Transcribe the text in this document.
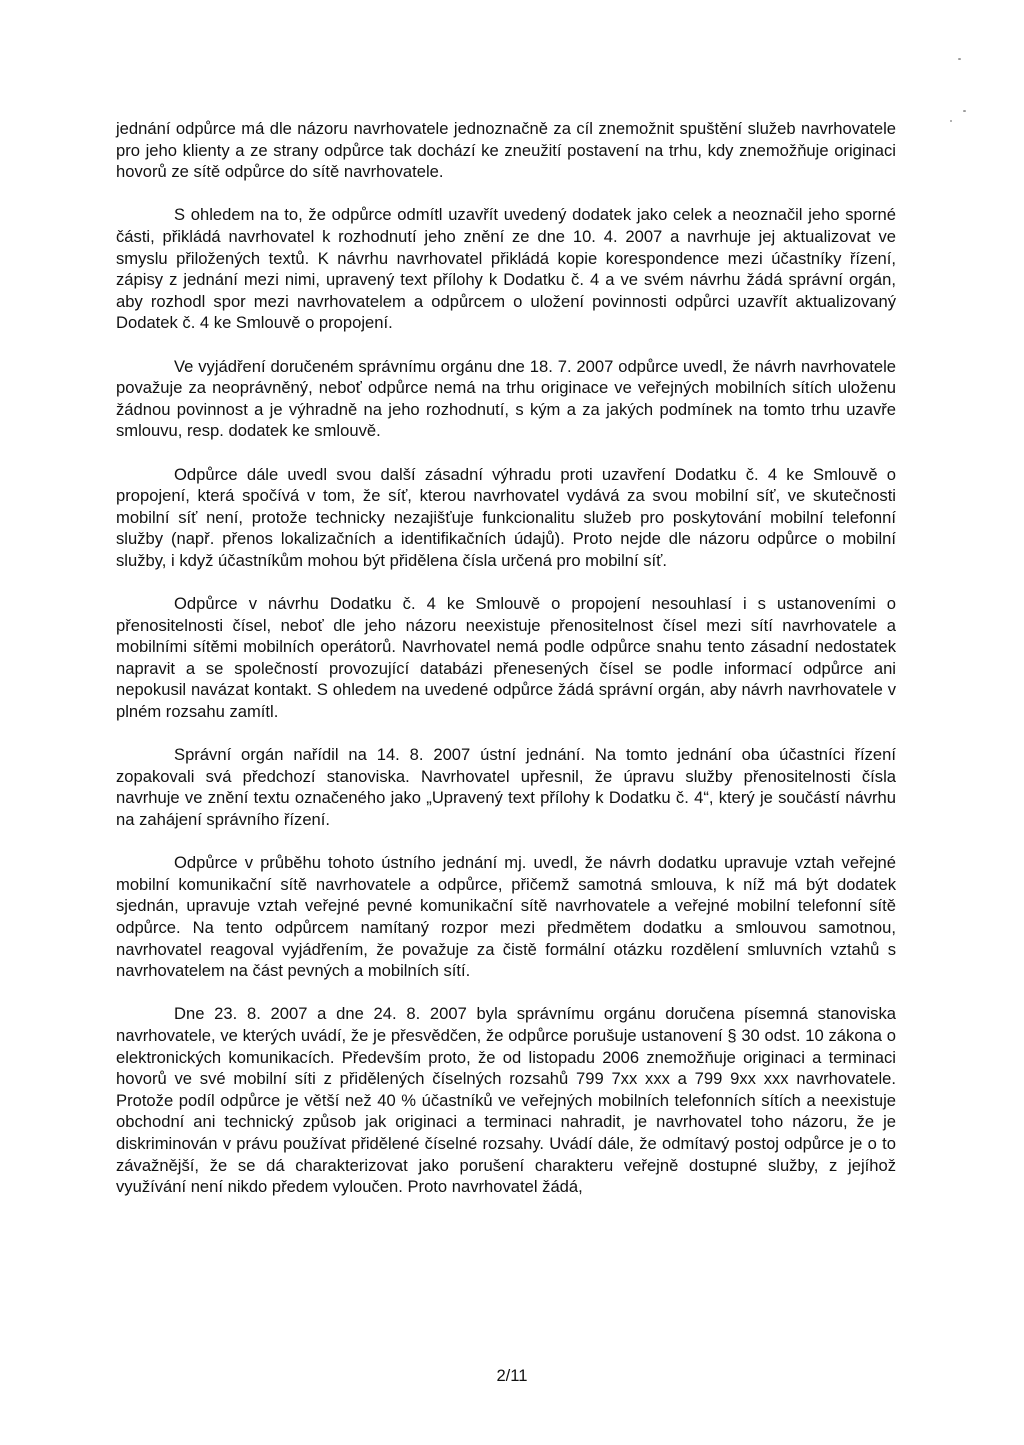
jednání odpůrce má dle názoru navrhovatele jednoznačně za cíl znemožnit spuštění služeb navrhovatele pro jeho klienty a ze strany odpůrce tak dochází ke zneužití postavení na trhu, kdy znemožňuje originaci hovorů ze sítě odpůrce do sítě navrhovatele.

S ohledem na to, že odpůrce odmítl uzavřít uvedený dodatek jako celek a neoznačil jeho sporné části, přikládá navrhovatel k rozhodnutí jeho znění ze dne 10. 4. 2007 a navrhuje jej aktualizovat ve smyslu přiložených textů. K návrhu navrhovatel přikládá kopie korespondence mezi účastníky řízení, zápisy z jednání mezi nimi, upravený text přílohy k Dodatku č. 4 a ve svém návrhu žádá správní orgán, aby rozhodl spor mezi navrhovatelem a odpůrcem o uložení povinnosti odpůrci uzavřít aktualizovaný Dodatek č. 4 ke Smlouvě o propojení.

Ve vyjádření doručeném správnímu orgánu dne 18. 7. 2007 odpůrce uvedl, že návrh navrhovatele považuje za neoprávněný, neboť odpůrce nemá na trhu originace ve veřejných mobilních sítích uloženu žádnou povinnost a je výhradně na jeho rozhodnutí, s kým a za jakých podmínek na tomto trhu uzavře smlouvu, resp. dodatek ke smlouvě.

Odpůrce dále uvedl svou další zásadní výhradu proti uzavření Dodatku č. 4 ke Smlouvě o propojení, která spočívá v tom, že síť, kterou navrhovatel vydává za svou mobilní síť, ve skutečnosti mobilní síť není, protože technicky nezajišťuje funkcionalitu služeb pro poskytování mobilní telefonní služby (např. přenos lokalizačních a identifikačních údajů). Proto nejde dle názoru odpůrce o mobilní služby, i když účastníkům mohou být přidělena čísla určená pro mobilní síť.

Odpůrce v návrhu Dodatku č. 4 ke Smlouvě o propojení nesouhlasí i s ustanoveními o přenositelnosti čísel, neboť dle jeho názoru neexistuje přenositelnost čísel mezi sítí navrhovatele a mobilními sítěmi mobilních operátorů. Navrhovatel nemá podle odpůrce snahu tento zásadní nedostatek napravit a se společností provozující databázi přenesených čísel se podle informací odpůrce ani nepokusil navázat kontakt. S ohledem na uvedené odpůrce žádá správní orgán, aby návrh navrhovatele v plném rozsahu zamítl.

Správní orgán nařídil na 14. 8. 2007 ústní jednání. Na tomto jednání oba účastníci řízení zopakovali svá předchozí stanoviska. Navrhovatel upřesnil, že úpravu služby přenositelnosti čísla navrhuje ve znění textu označeného jako „Upravený text přílohy k Dodatku č. 4“, který je součástí návrhu na zahájení správního řízení.

Odpůrce v průběhu tohoto ústního jednání mj. uvedl, že návrh dodatku upravuje vztah veřejné mobilní komunikační sítě navrhovatele a odpůrce, přičemž samotná smlouva, k níž má být dodatek sjednán, upravuje vztah veřejné pevné komunikační sítě navrhovatele a veřejné mobilní telefonní sítě odpůrce. Na tento odpůrcem namítaný rozpor mezi předmětem dodatku a smlouvou samotnou, navrhovatel reagoval vyjádřením, že považuje za čistě formální otázku rozdělení smluvních vztahů s navrhovatelem na část pevných a mobilních sítí.

Dne 23. 8. 2007 a dne 24. 8. 2007 byla správnímu orgánu doručena písemná stanoviska navrhovatele, ve kterých uvádí, že je přesvědčen, že odpůrce porušuje ustanovení § 30 odst. 10 zákona o elektronických komunikacích. Především proto, že od listopadu 2006 znemožňuje originaci a terminaci hovorů ve své mobilní síti z přidělených číselných rozsahů 799 7xx xxx a 799 9xx xxx navrhovatele. Protože podíl odpůrce je větší než 40 % účastníků ve veřejných mobilních telefonních sítích a neexistuje obchodní ani technický způsob jak originaci a terminaci nahradit, je navrhovatel toho názoru, že je diskriminován v právu používat přidělené číselné rozsahy. Uvádí dále, že odmítavý postoj odpůrce je o to závažnější, že se dá charakterizovat jako porušení charakteru veřejně dostupné služby, z jejíhož využívání není nikdo předem vyloučen. Proto navrhovatel žádá,

2/11
